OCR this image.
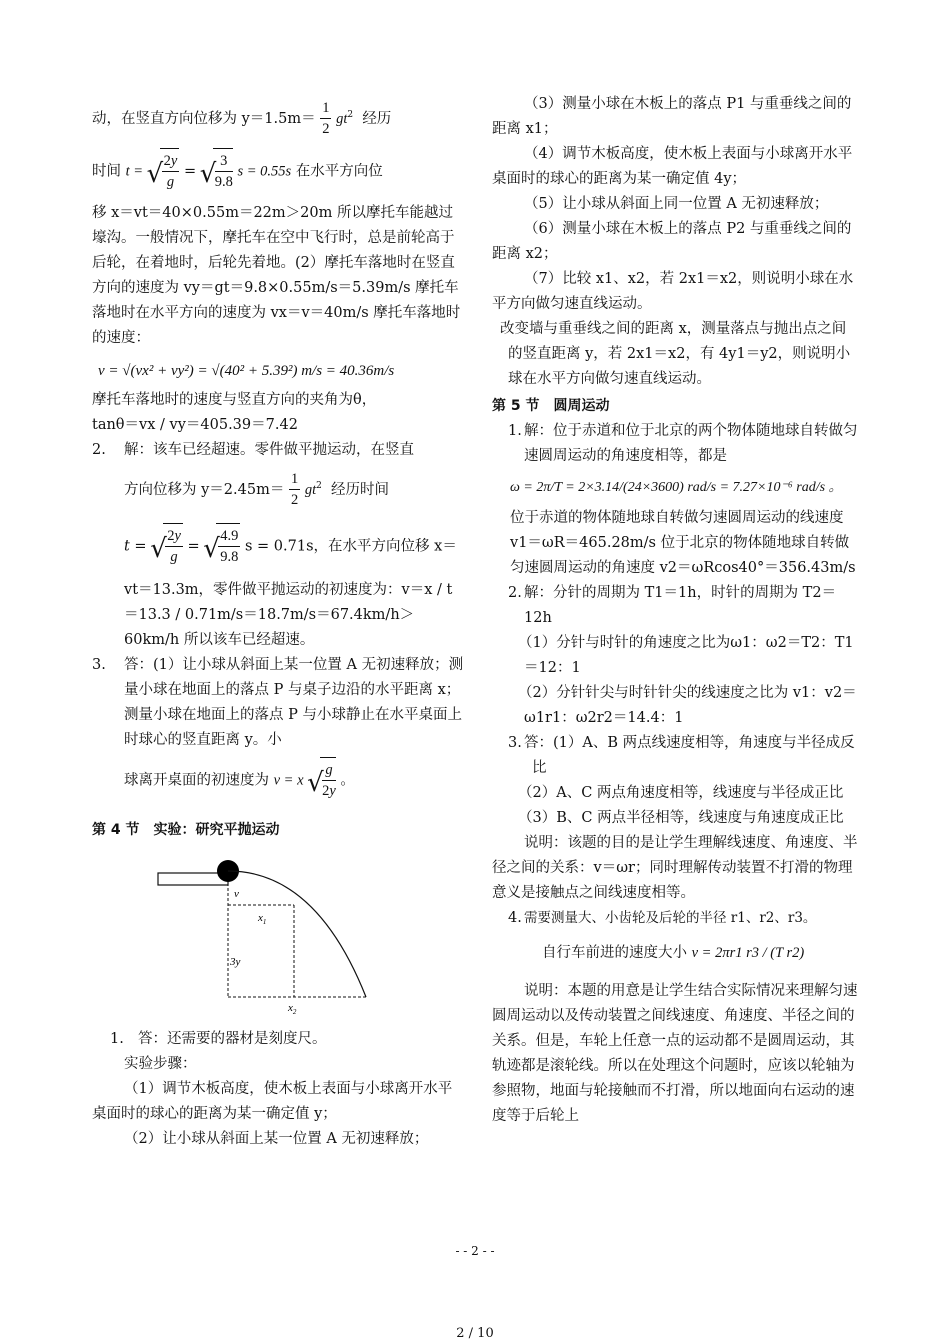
动，在竖直方向位移为 $y=1.5m= \frac{1}{2} gt^2$ 经历
时间 t = √ $\frac{2y}{g}$ = √ $\frac{3}{9.8}$ s = 0.55s 在水平方向位

移 x＝vt＝40×0.55m＝22m＞20m 所以摩托车能越过壕沟。一般情况下，摩托车在空中飞行时，总是前轮高于后轮，在着地时，后轮先着地。(2）摩托车落地时在竖直方向的速度为 vy＝gt＝9.8×0.55m/s＝5.39m/s 摩托车落地时在水平方向的速度为 vx＝v＝40m/s 摩托车落地时的速度：

v = √(vx² + vy²) = √(40² + 5.39²) m/s = 40.36m/s

摩托车落地时的速度与竖直方向的夹角为θ，

tanθ＝vx / vy＝405.39＝7.42

2. 解：该车已经超速。零件做平抛运动，在竖直

方向位移为 $y=2.45m= \frac{1}{2} gt^2$ 经历时间
t = √ $\frac{2y}{g}$ = √ $\frac{4.9}{9.8}$ s = 0.71s，在水平方向位移 x＝

vt＝13.3m，零件做平抛运动的初速度为：v＝x / t＝13.3 / 0.71m/s＝18.7m/s＝67.4km/h＞60km/h 所以该车已经超速。

3. 答：(1）让小球从斜面上某一位置 A 无初速释放；测量小球在地面上的落点 P 与桌子边沿的水平距离 x；测量小球在地面上的落点 P 与小球静止在水平桌面上时球心的竖直距离 y。小

球离开桌面的初速度为 v = x √ $\frac{g}{2y}$ 。
第 4 节　实验：研究平抛运动
v
$x_1$
3y
$x_2$
1. 答：还需要的器材是刻度尺。

实验步骤：

（1）调节木板高度，使木板上表面与小球离开水平桌面时的球心的距离为某一确定值 y；

（2）让小球从斜面上某一位置 A 无初速释放；

（3）测量小球在木板上的落点 P1 与重垂线之间的距离 x1；

（4）调节木板高度，使木板上表面与小球离开水平桌面时的球心的距离为某一确定值 4y；

（5）让小球从斜面上同一位置 A 无初速释放；

（6）测量小球在木板上的落点 P2 与重垂线之间的距离 x2；

（7）比较 x1、x2，若 2x1＝x2，则说明小球在水平方向做匀速直线运动。

改变墙与重垂线之间的距离 x，测量落点与抛出点之间的竖直距离 y，若 2x1＝x2，有 4y1＝y2，则说明小球在水平方向做匀速直线运动。

第 5 节　圆周运动
1. 解：位于赤道和位于北京的两个物体随地球自转做匀速圆周运动的角速度相等，都是

ω = 2π/T = 2×3.14/(24×3600) rad/s = 7.27×10⁻⁶ rad/s 。

位于赤道的物体随地球自转做匀速圆周运动的线速度 v1＝ωR＝465.28m/s 位于北京的物体随地球自转做匀速圆周运动的角速度 v2＝ωRcos40°＝356.43m/s

2. 解：分针的周期为 T1＝1h，时针的周期为 T2＝12h

（1）分针与时针的角速度之比为ω1：ω2＝T2：T1＝12：1

（2）分针针尖与时针针尖的线速度之比为 v1：v2＝ω1r1：ω2r2＝14.4：1

3. 答：(1）A、B 两点线速度相等，角速度与半径成反比

（2）A、C 两点角速度相等，线速度与半径成正比

（3）B、C 两点半径相等，线速度与角速度成正比

说明：该题的目的是让学生理解线速度、角速度、半径之间的关系：v＝ωr；同时理解传动装置不打滑的物理意义是接触点之间线速度相等。

4. 需要测量大、小齿轮及后轮的半径 r1、r2、r3。

自行车前进的速度大小 v = 2πr1 r3 / (T r2)

说明：本题的用意是让学生结合实际情况来理解匀速圆周运动以及传动装置之间线速度、角速度、半径之间的关系。但是，车轮上任意一点的运动都不是圆周运动，其轨迹都是滚轮线。所以在处理这个问题时，应该以轮轴为参照物，地面与轮接触而不打滑，所以地面向右运动的速度等于后轮上

- - 2 - -
2 / 10
